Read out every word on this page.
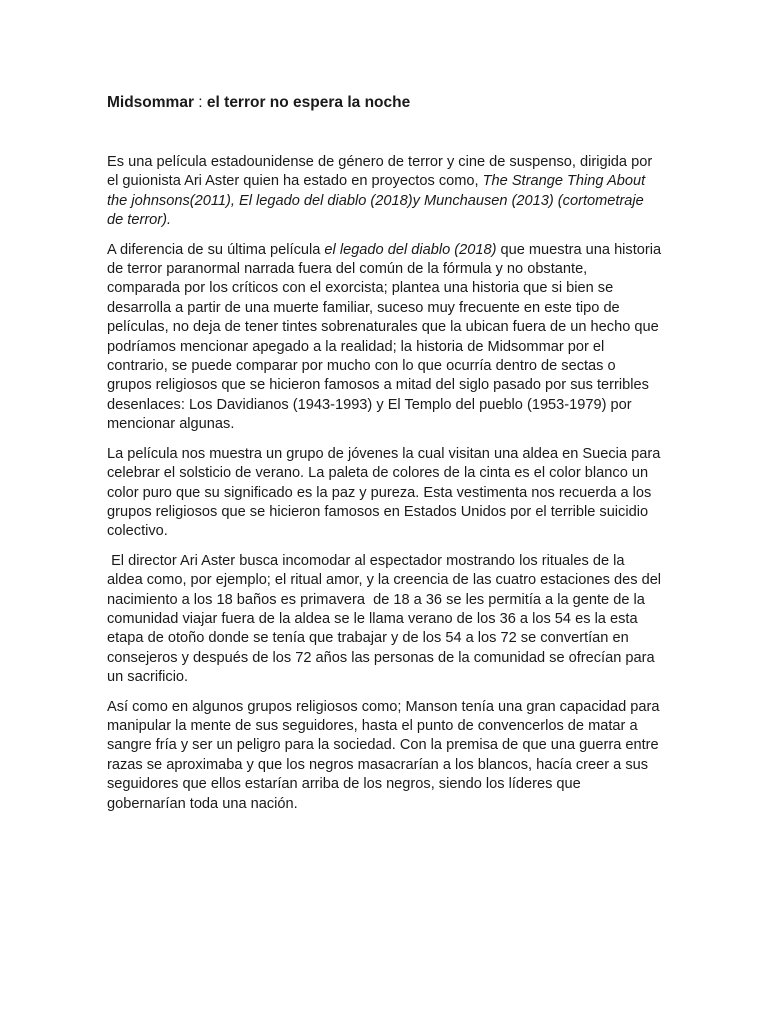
Midsommar : el terror no espera la noche

Es una película estadounidense de género de terror y cine de suspenso, dirigida por el guionista Ari Aster quien ha estado en proyectos como, The Strange Thing About the johnsons(2011), El legado del diablo (2018)y Munchausen (2013) (cortometraje de terror).

A diferencia de su última película el legado del diablo (2018) que muestra una historia de terror paranormal narrada fuera del común de la fórmula y no obstante, comparada por los críticos con el exorcista; plantea una historia que si bien se desarrolla a partir de una muerte familiar, suceso muy frecuente en este tipo de películas, no deja de tener tintes sobrenaturales que la ubican fuera de un hecho que podríamos mencionar apegado a la realidad; la historia de Midsommar por el contrario, se puede comparar por mucho con lo que ocurría dentro de sectas o grupos religiosos que se hicieron famosos a mitad del siglo pasado por sus terribles desenlaces: Los Davidianos (1943-1993) y El Templo del pueblo (1953-1979) por mencionar algunas.

La película nos muestra un grupo de jóvenes la cual visitan una aldea en Suecia para celebrar el solsticio de verano. La paleta de colores de la cinta es el color blanco un color puro que su significado es la paz y pureza. Esta vestimenta nos recuerda a los grupos religiosos que se hicieron famosos en Estados Unidos por el terrible suicidio colectivo.

El director Ari Aster busca incomodar al espectador mostrando los rituales de la aldea como, por ejemplo; el ritual amor, y la creencia de las cuatro estaciones des del nacimiento a los 18 baños es primavera  de 18 a 36 se les permitía a la gente de la comunidad viajar fuera de la aldea se le llama verano de los 36 a los 54 es la esta etapa de otoño donde se tenía que trabajar y de los 54 a los 72 se convertían en consejeros y después de los 72 años las personas de la comunidad se ofrecían para un sacrificio.

Así como en algunos grupos religiosos como; Manson tenía una gran capacidad para manipular la mente de sus seguidores, hasta el punto de convencerlos de matar a sangre fría y ser un peligro para la sociedad. Con la premisa de que una guerra entre razas se aproximaba y que los negros masacrarían a los blancos, hacía creer a sus seguidores que ellos estarían arriba de los negros, siendo los líderes que gobernarían toda una nación.
